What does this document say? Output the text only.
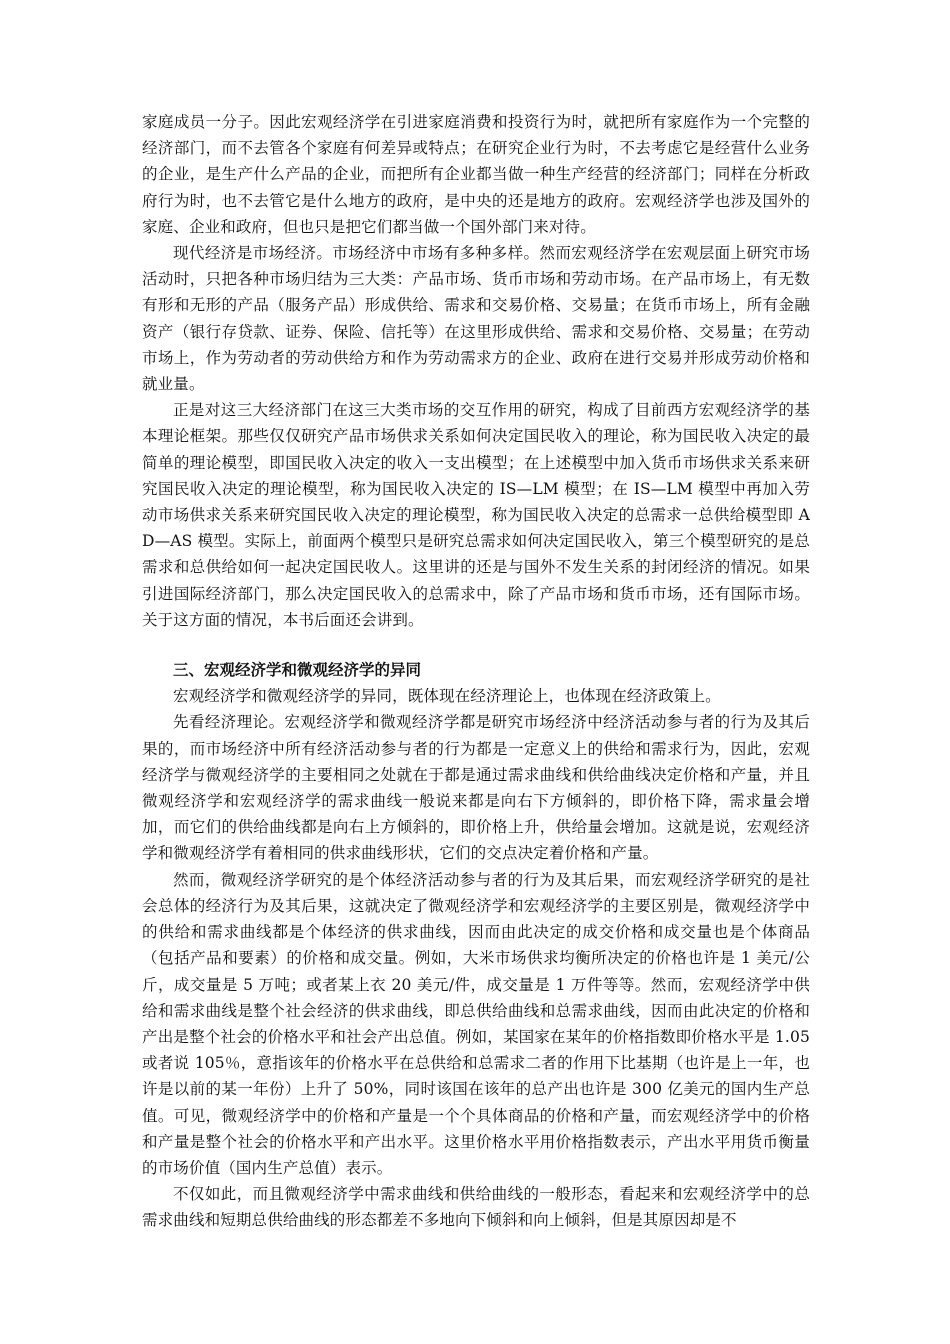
家庭成员一分子。因此宏观经济学在引进家庭消费和投资行为时，就把所有家庭作为一个完整的经济部门，而不去管各个家庭有何差异或特点；在研究企业行为时，不去考虑它是经营什么业务的企业，是生产什么产品的企业，而把所有企业都当做一种生产经营的经济部门；同样在分析政府行为时，也不去管它是什么地方的政府，是中央的还是地方的政府。宏观经济学也涉及国外的家庭、企业和政府，但也只是把它们都当做一个国外部门来对待。

现代经济是市场经济。市场经济中市场有多种多样。然而宏观经济学在宏观层面上研究市场活动时，只把各种市场归结为三大类：产品市场、货币市场和劳动市场。在产品市场上，有无数有形和无形的产品（服务产品）形成供给、需求和交易价格、交易量；在货币市场上，所有金融资产（银行存贷款、证券、保险、信托等）在这里形成供给、需求和交易价格、交易量；在劳动市场上，作为劳动者的劳动供给方和作为劳动需求方的企业、政府在进行交易并形成劳动价格和就业量。

正是对这三大经济部门在这三大类市场的交互作用的研究，构成了目前西方宏观经济学的基本理论框架。那些仅仅研究产品市场供求关系如何决定国民收入的理论，称为国民收入决定的最简单的理论模型，即国民收入决定的收入一支出模型；在上述模型中加入货币市场供求关系来研究国民收入决定的理论模型，称为国民收入决定的 IS—LM 模型；在 IS—LM 模型中再加入劳动市场供求关系来研究国民收入决定的理论模型，称为国民收入决定的总需求一总供给模型即 AD—AS 模型。实际上，前面两个模型只是研究总需求如何决定国民收入，第三个模型研究的是总需求和总供给如何一起决定国民收人。这里讲的还是与国外不发生关系的封闭经济的情况。如果引进国际经济部门，那么决定国民收入的总需求中，除了产品市场和货币市场，还有国际市场。关于这方面的情况，本书后面还会讲到。

三、宏观经济学和微观经济学的异同

宏观经济学和微观经济学的异同，既体现在经济理论上，也体现在经济政策上。

先看经济理论。宏观经济学和微观经济学都是研究市场经济中经济活动参与者的行为及其后果的，而市场经济中所有经济活动参与者的行为都是一定意义上的供给和需求行为，因此，宏观经济学与微观经济学的主要相同之处就在于都是通过需求曲线和供给曲线决定价格和产量，并且微观经济学和宏观经济学的需求曲线一般说来都是向右下方倾斜的，即价格下降，需求量会增加，而它们的供给曲线都是向右上方倾斜的，即价格上升，供给量会增加。这就是说，宏观经济学和微观经济学有着相同的供求曲线形状，它们的交点决定着价格和产量。

然而，微观经济学研究的是个体经济活动参与者的行为及其后果，而宏观经济学研究的是社会总体的经济行为及其后果，这就决定了微观经济学和宏观经济学的主要区别是，微观经济学中的供给和需求曲线都是个体经济的供求曲线，因而由此决定的成交价格和成交量也是个体商品（包括产品和要素）的价格和成交量。例如，大米市场供求均衡所决定的价格也许是 1 美元/公斤，成交量是 5 万吨；或者某上衣 20 美元/件，成交量是 1 万件等等。然而，宏观经济学中供给和需求曲线是整个社会经济的供求曲线，即总供给曲线和总需求曲线，因而由此决定的价格和产出是整个社会的价格水平和社会产出总值。例如，某国家在某年的价格指数即价格水平是 1.05 或者说 105％，意指该年的价格水平在总供给和总需求二者的作用下比基期（也许是上一年，也许是以前的某一年份）上升了 50%，同时该国在该年的总产出也许是 300 亿美元的国内生产总值。可见，微观经济学中的价格和产量是一个个具体商品的价格和产量，而宏观经济学中的价格和产量是整个社会的价格水平和产出水平。这里价格水平用价格指数表示，产出水平用货币衡量的市场价值（国内生产总值）表示。

不仅如此，而且微观经济学中需求曲线和供给曲线的一般形态，看起来和宏观经济学中的总需求曲线和短期总供给曲线的形态都差不多地向下倾斜和向上倾斜，但是其原因却是不
